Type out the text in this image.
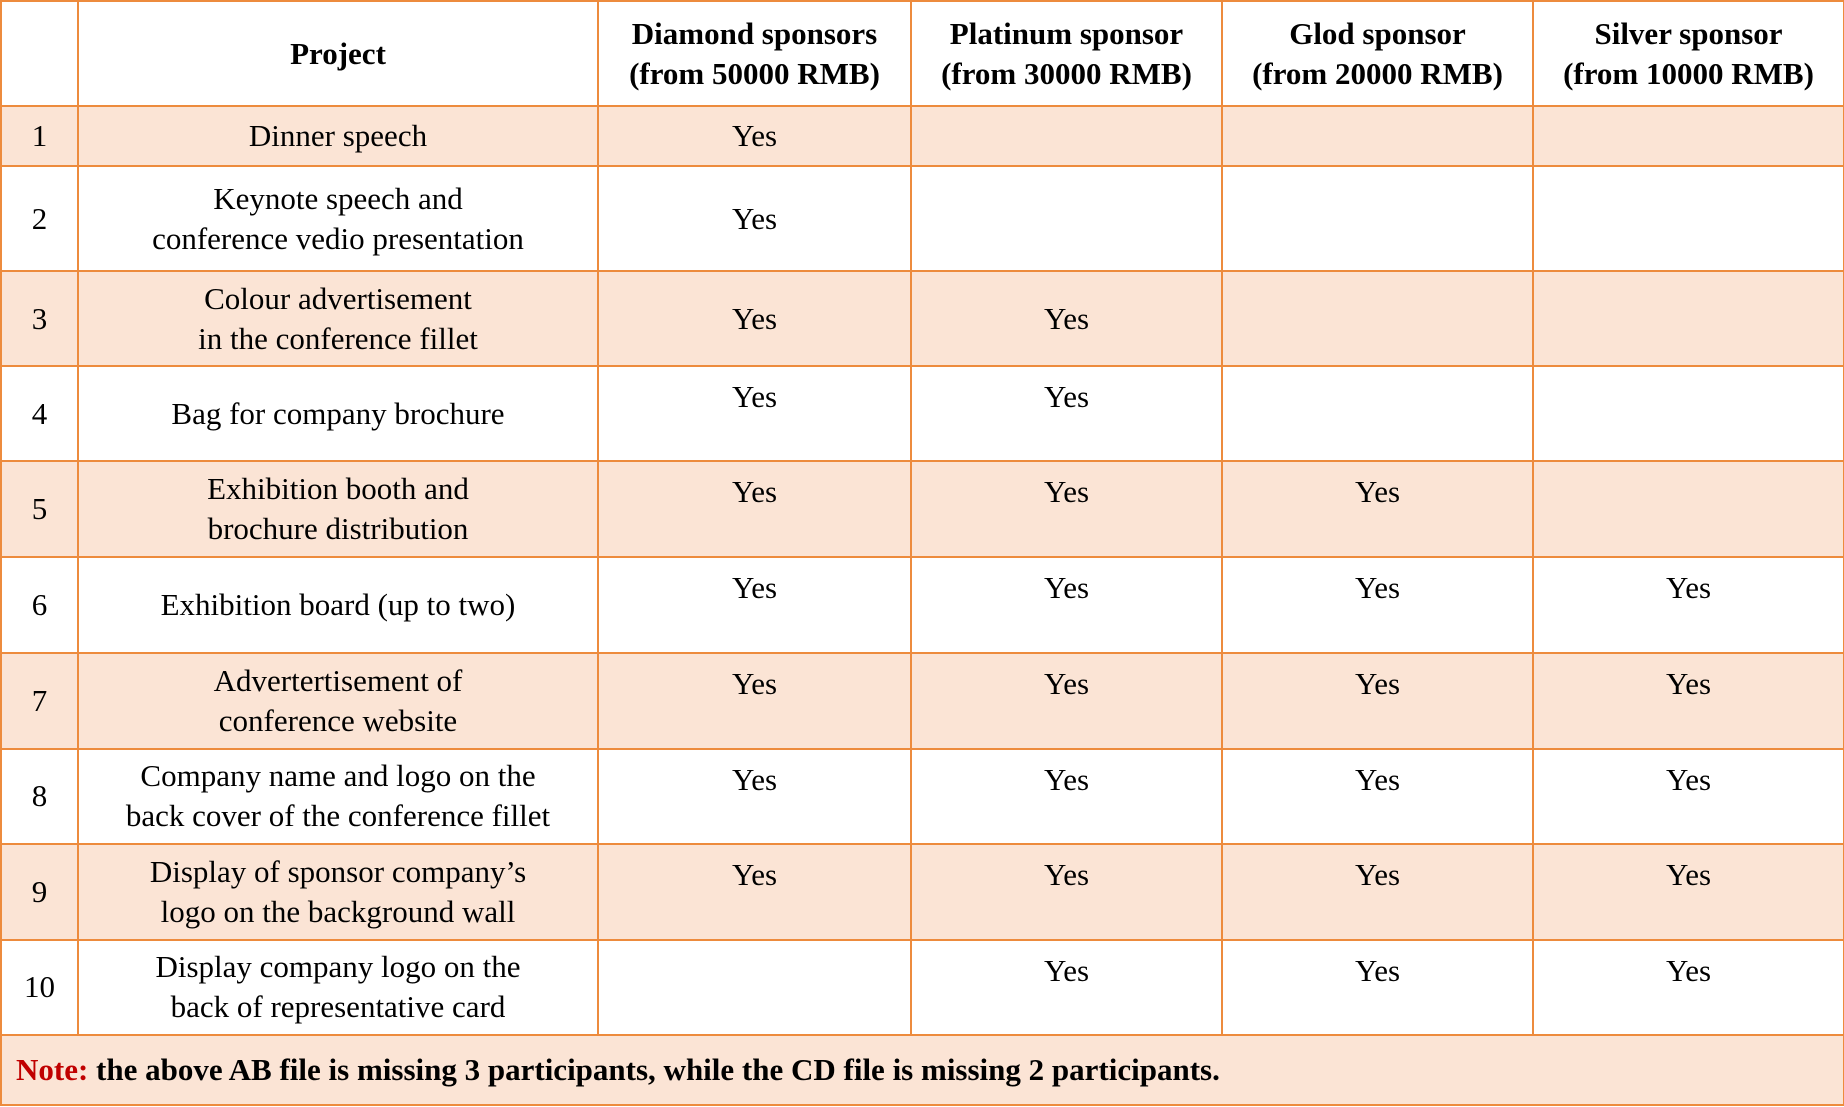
	Project	Diamond sponsors
(from 50000 RMB)	Platinum sponsor
(from 30000 RMB)	Glod sponsor
(from 20000 RMB)	Silver sponsor
(from 10000 RMB)

1	Dinner speech	Yes			
2	Keynote speech and
conference vedio presentation	Yes			
3	Colour advertisement
in the conference fillet	Yes	Yes		
4	Bag for company brochure	Yes	Yes		
5	Exhibition booth and
brochure distribution	Yes	Yes	Yes	
6	Exhibition board (up to two)	Yes	Yes	Yes	Yes
7	Advertertisement of
conference website	Yes	Yes	Yes	Yes
8	Company name and logo on the
back cover of the conference fillet	Yes	Yes	Yes	Yes
9	Display of sponsor company’s
logo on the background wall	Yes	Yes	Yes	Yes
10	Display company logo on the
back of representative card		Yes	Yes	Yes
Note: the above AB file is missing 3 participants, while the CD file is missing 2 participants.					
